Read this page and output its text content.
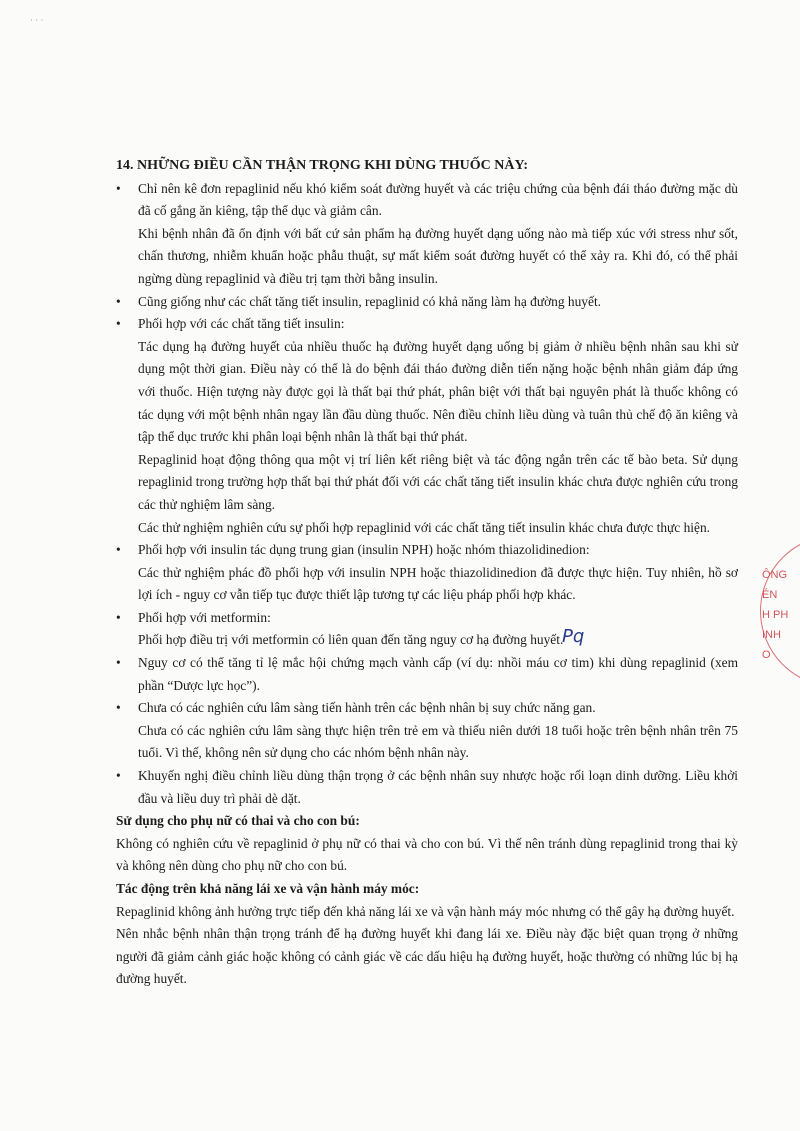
· · ·

14. NHỮNG ĐIỀU CẦN THẬN TRỌNG KHI DÙNG THUỐC NÀY:

• Chỉ nên kê đơn repaglinid nếu khó kiểm soát đường huyết và các triệu chứng của bệnh đái tháo đường mặc dù đã cố gắng ăn kiêng, tập thể dục và giảm cân.

Khi bệnh nhân đã ổn định với bất cứ sản phẩm hạ đường huyết dạng uống nào mà tiếp xúc với stress như sốt, chấn thương, nhiễm khuẩn hoặc phẫu thuật, sự mất kiểm soát đường huyết có thể xảy ra. Khi đó, có thể phải ngừng dùng repaglinid và điều trị tạm thời bằng insulin.

• Cũng giống như các chất tăng tiết insulin, repaglinid có khả năng làm hạ đường huyết.

• Phối hợp với các chất tăng tiết insulin:

Tác dụng hạ đường huyết của nhiều thuốc hạ đường huyết dạng uống bị giảm ở nhiều bệnh nhân sau khi sử dụng một thời gian. Điều này có thể là do bệnh đái tháo đường diễn tiến nặng hoặc bệnh nhân giảm đáp ứng với thuốc. Hiện tượng này được gọi là thất bại thứ phát, phân biệt với thất bại nguyên phát là thuốc không có tác dụng với một bệnh nhân ngay lần đầu dùng thuốc. Nên điều chỉnh liều dùng và tuân thủ chế độ ăn kiêng và tập thể dục trước khi phân loại bệnh nhân là thất bại thứ phát.

Repaglinid hoạt động thông qua một vị trí liên kết riêng biệt và tác động ngắn trên các tế bào beta. Sử dụng repaglinid trong trường hợp thất bại thứ phát đối với các chất tăng tiết insulin khác chưa được nghiên cứu trong các thử nghiệm lâm sàng.

Các thử nghiệm nghiên cứu sự phối hợp repaglinid với các chất tăng tiết insulin khác chưa được thực hiện.

• Phối hợp với insulin tác dụng trung gian (insulin NPH) hoặc nhóm thiazolidinedion:

Các thử nghiệm phác đồ phối hợp với insulin NPH hoặc thiazolidinedion đã được thực hiện. Tuy nhiên, hồ sơ lợi ích - nguy cơ vẫn tiếp tục được thiết lập tương tự các liệu pháp phối hợp khác.

• Phối hợp với metformin:

Phối hợp điều trị với metformin có liên quan đến tăng nguy cơ hạ đường huyết.

• Nguy cơ có thể tăng tỉ lệ mắc hội chứng mạch vành cấp (ví dụ: nhồi máu cơ tim) khi dùng repaglinid (xem phần “Dược lực học”).

• Chưa có các nghiên cứu lâm sàng tiến hành trên các bệnh nhân bị suy chức năng gan.

Chưa có các nghiên cứu lâm sàng thực hiện trên trẻ em và thiếu niên dưới 18 tuổi hoặc trên bệnh nhân trên 75 tuổi. Vì thế, không nên sử dụng cho các nhóm bệnh nhân này.

• Khuyến nghị điều chỉnh liều dùng thận trọng ở các bệnh nhân suy nhược hoặc rối loạn dinh dưỡng. Liều khởi đầu và liều duy trì phải dè dặt.

Sử dụng cho phụ nữ có thai và cho con bú:

Không có nghiên cứu về repaglinid ở phụ nữ có thai và cho con bú. Vì thế nên tránh dùng repaglinid trong thai kỳ và không nên dùng cho phụ nữ cho con bú.

Tác động trên khả năng lái xe và vận hành máy móc:

Repaglinid không ảnh hưởng trực tiếp đến khả năng lái xe và vận hành máy móc nhưng có thể gây hạ đường huyết.

Nên nhắc bệnh nhân thận trọng tránh để hạ đường huyết khi đang lái xe. Điều này đặc biệt quan trọng ở những người đã giảm cảnh giác hoặc không có cảnh giác về các dấu hiệu hạ đường huyết, hoặc thường có những lúc bị hạ đường huyết.

Pq
ÔNG
ÉN
H PH
INH
O
